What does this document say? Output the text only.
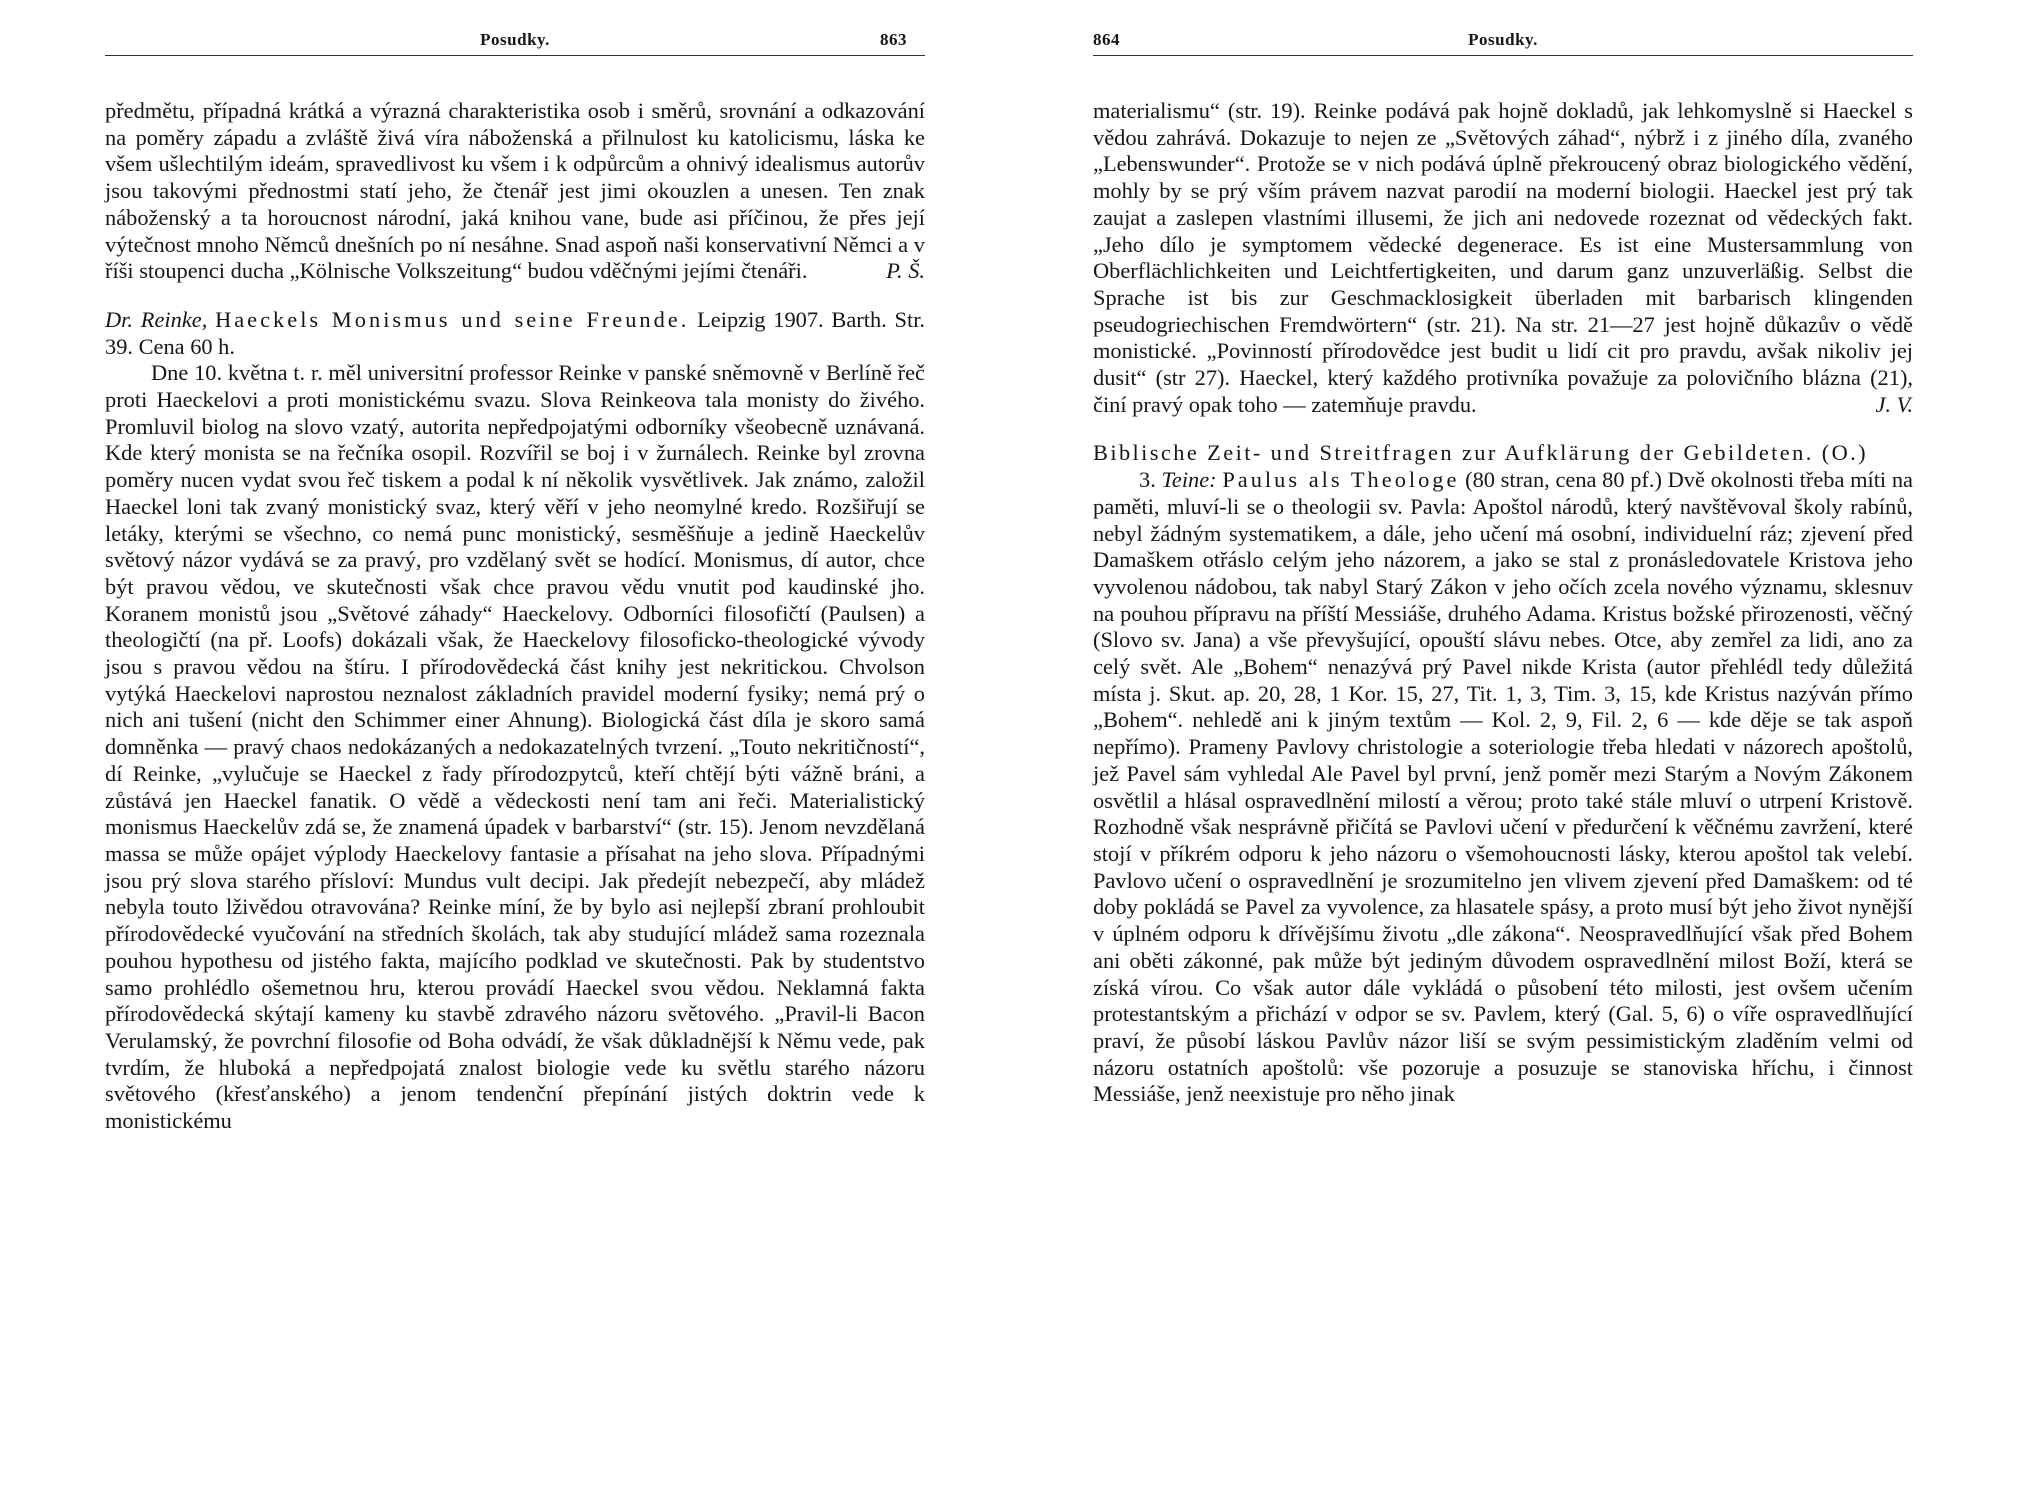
Posudky.	863

předmětu, případná krátká a výrazná charakteristika osob i směrů, srovnání a odkazování na poměry západu a zvláště živá víra náboženská a přilnulost ku katolicismu, láska ke všem ušlechtilým ideám, spravedlivost ku všem i k odpůrcům a ohnivý idealismus autorův jsou takovými přednostmi statí jeho, že čtenář jest jimi okouzlen a unesen. Ten znak náboženský a ta horoucnost národní, jaká knihou vane, bude asi příčinou, že přes její výtečnost mnoho Němců dnešních po ní nesáhne. Snad aspoň naši konservativní Němci a v říši stoupenci ducha „Kölnische Volkszeitung“ budou vděčnými jejími čtenáři.	P. Š.

Dr. Reinke, Haeckels Monismus und seine Freunde. Leipzig 1907. Barth. Str. 39. Cena 60 h.

Dne 10. května t. r. měl universitní professor Reinke v panské sněmovně v Berlíně řeč proti Haeckelovi a proti monistickému svazu. Slova Reinkeova tala monisty do živého. Promluvil biolog na slovo vzatý, autorita nepředpojatými odborníky všeobecně uznávaná. Kde který monista se na řečníka osopil. Rozvířil se boj i v žurnálech. Reinke byl zrovna poměry nucen vydat svou řeč tiskem a podal k ní několik vysvětlivek. Jak známo, založil Haeckel loni tak zvaný monistický svaz, který věří v jeho neomylné kredo. Rozšiřují se letáky, kterými se všechno, co nemá punc monistický, sesměšňuje a jedině Haeckelův světový názor vydává se za pravý, pro vzdělaný svět se hodící. Monismus, dí autor, chce být pravou vědou, ve skutečnosti však chce pravou vědu vnutit pod kaudinské jho. Koranem monistů jsou „Světové záhady“ Haeckelovy. Odborníci filosofičtí (Paulsen) a theologičtí (na př. Loofs) dokázali však, že Haeckelovy filosoficko-theologické vývody jsou s pravou vědou na štíru. I přírodovědecká část knihy jest nekritickou. Chvolson vytýká Haeckelovi naprostou neznalost základních pravidel moderní fysiky; nemá prý o nich ani tušení (nicht den Schimmer einer Ahnung). Biologická část díla je skoro samá domněnka — pravý chaos nedokázaných a nedokazatelných tvrzení. „Touto nekritičností“, dí Reinke, „vylučuje se Haeckel z řady přírodozpytců, kteří chtějí býti vážně bráni, a zůstává jen Haeckel fanatik. O vědě a vědeckosti není tam ani řeči. Materialistický monismus Haeckelův zdá se, že znamená úpadek v barbarství“ (str. 15). Jenom nevzdělaná massa se může opájet výplody Haeckelovy fantasie a přísahat na jeho slova. Případnými jsou prý slova starého přísloví: Mundus vult decipi. Jak předejít nebezpečí, aby mládež nebyla touto lživědou otravována? Reinke míní, že by bylo asi nejlepší zbraní prohloubit přírodovědecké vyučování na středních školách, tak aby studující mládež sama rozeznala pouhou hypothesu od jistého fakta, majícího podklad ve skutečnosti. Pak by studentstvo samo prohlédlo ošemetnou hru, kterou provádí Haeckel svou vědou. Neklamná fakta přírodovědecká skýtají kameny ku stavbě zdravého názoru světového. „Pravil-li Bacon Verulamský, že povrchní filosofie od Boha odvádí, že však důkladnější k Němu vede, pak tvrdím, že hluboká a nepředpojatá znalost biologie vede ku světlu starého názoru světového (křesťanského) a jenom tendenční přepínání jistých doktrin vede k monistickému

864	Posudky.

materialismu“ (str. 19). Reinke podává pak hojně dokladů, jak lehkomyslně si Haeckel s vědou zahrává. Dokazuje to nejen ze „Světových záhad“, nýbrž i z jiného díla, zvaného „Lebenswunder“. Protože se v nich podává úplně překroucený obraz biologického vědění, mohly by se prý vším právem nazvat parodií na moderní biologii. Haeckel jest prý tak zaujat a zaslepen vlastními illusemi, že jich ani nedovede rozeznat od vědeckých fakt. „Jeho dílo je symptomem vědecké degenerace. Es ist eine Mustersammlung von Oberflächlichkeiten und Leichtfertigkeiten, und darum ganz unzuverläßig. Selbst die Sprache ist bis zur Geschmacklosigkeit überladen mit barbarisch klingenden pseudogriechischen Fremdwörtern“ (str. 21). Na str. 21—27 jest hojně důkazův o vědě monistické. „Povinností přírodovědce jest budit u lidí cit pro pravdu, avšak nikoliv jej dusit“ (str 27). Haeckel, který každého protivníka považuje za polovičního blázna (21), činí pravý opak toho — zatemňuje pravdu.	J. V.

Biblische Zeit- und Streitfragen zur Aufklärung der Gebildeten. (O.)

3. Teine: Paulus als Theologe (80 stran, cena 80 pf.) Dvě okolnosti třeba míti na paměti, mluví-li se o theologii sv. Pavla: Apoštol národů, který navštěvoval školy rabínů, nebyl žádným systematikem, a dále, jeho učení má osobní, individuelní ráz; zjevení před Damaškem otřáslo celým jeho názorem, a jako se stal z pronásledovatele Kristova jeho vyvolenou nádobou, tak nabyl Starý Zákon v jeho očích zcela nového významu, sklesnuv na pouhou přípravu na příští Messiáše, druhého Adama. Kristus božské přirozenosti, věčný (Slovo sv. Jana) a vše převyšující, opouští slávu nebes. Otce, aby zemřel za lidi, ano za celý svět. Ale „Bohem“ nenazývá prý Pavel nikde Krista (autor přehlédl tedy důležitá místa j. Skut. ap. 20, 28, 1 Kor. 15, 27, Tit. 1, 3, Tim. 3, 15, kde Kristus nazýván přímo „Bohem“. nehledě ani k jiným textům — Kol. 2, 9, Fil. 2, 6 — kde děje se tak aspoň nepřímo). Prameny Pavlovy christologie a soteriologie třeba hledati v názorech apoštolů, jež Pavel sám vyhledal Ale Pavel byl první, jenž poměr mezi Starým a Novým Zákonem osvětlil a hlásal ospravedlnění milostí a věrou; proto také stále mluví o utrpení Kristově. Rozhodně však nesprávně přičítá se Pavlovi učení v předurčení k věčnému zavržení, které stojí v příkrém odporu k jeho názoru o všemohoucnosti lásky, kterou apoštol tak velebí. Pavlovo učení o ospravedlnění je srozumitelno jen vlivem zjevení před Damaškem: od té doby pokládá se Pavel za vyvolence, za hlasatele spásy, a proto musí být jeho život nynější v úplném odporu k dřívějšímu životu „dle zákona“. Neospravedlňující však před Bohem ani oběti zákonné, pak může být jediným důvodem ospravedlnění milost Boží, která se získá vírou. Co však autor dále vykládá o působení této milosti, jest ovšem učením protestantským a přichází v odpor se sv. Pavlem, který (Gal. 5, 6) o víře ospravedlňující praví, že působí láskou Pavlův názor liší se svým pessimistickým zladěním velmi od názoru ostatních apoštolů: vše pozoruje a posuzuje se stanoviska hříchu, i činnost Messiáše, jenž neexistuje pro něho jinak
